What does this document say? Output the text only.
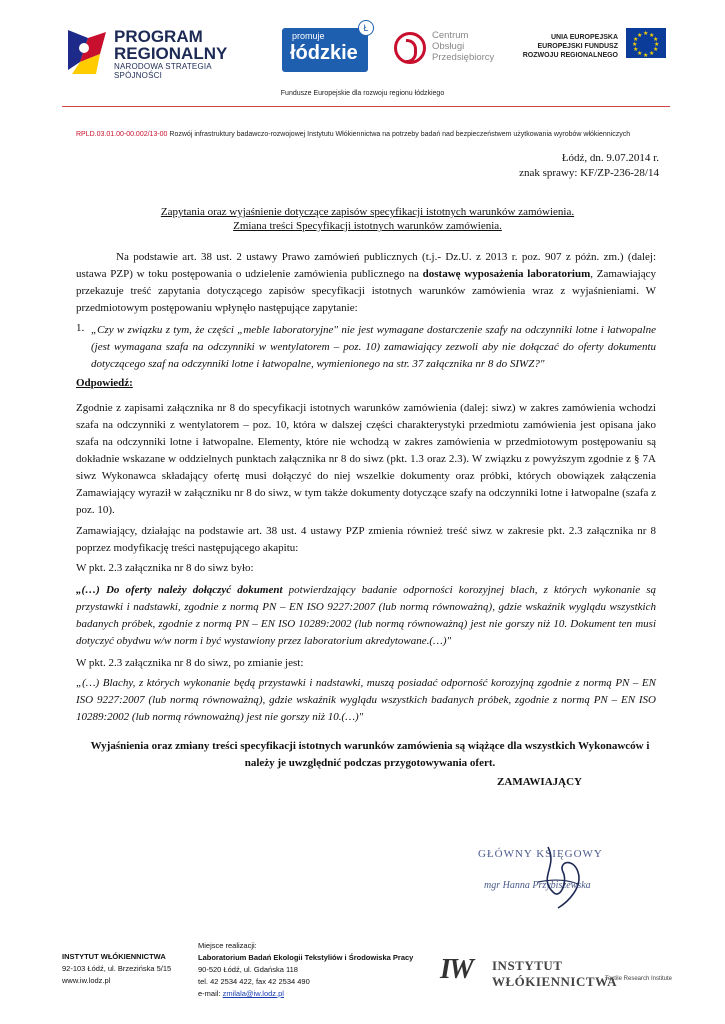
PROGRAM
REGIONALNY
NARODOWA STRATEGIA SPÓJNOŚCI
promuje
łódzkie
Ł
Centrum
Obsługi
Przedsiębiorcy
UNIA EUROPEJSKA
EUROPEJSKI FUNDUSZ
ROZWOJU REGIONALNEGO
★ ★
★
★
★
★
★
★
★
★
★
★
Fundusze Europejskie dla rozwoju regionu łódzkiego
RPLD.03.01.00-00.002/13-00 Rozwój infrastruktury badawczo-rozwojowej Instytutu Włókiennictwa na potrzeby badań nad bezpieczeństwem użytkowania wyrobów włókienniczych
Łódź, dn. 9.07.2014 r.
znak sprawy: KF/ZP-236-28/14
Zapytania oraz wyjaśnienie dotyczące zapisów specyfikacji istotnych warunków zamówienia.
Zmiana treści Specyfikacji istotnych warunków zamówienia.
Na podstawie art. 38 ust. 2 ustawy Prawo zamówień publicznych (t.j.- Dz.U. z 2013 r. poz. 907 z późn. zm.) (dalej: ustawa PZP) w toku postępowania o udzielenie zamówienia publicznego na dostawę wyposażenia laboratorium, Zamawiający przekazuje treść zapytania dotyczącego zapisów specyfikacji istotnych warunków zamówienia wraz z wyjaśnieniami. W przedmiotowym postępowaniu wpłynęło następujące zapytanie:
1. „Czy w związku z tym, że części „meble laboratoryjne" nie jest wymagane dostarczenie szafy na odczynniki lotne i łatwopalne (jest wymagana szafa na odczynniki w wentylatorem – poz. 10) zamawiający zezwoli aby nie dołączać do oferty dokumentu dotyczącego szaf na odczynniki lotne i łatwopalne, wymienionego na str. 37 załącznika nr 8 do SIWZ?"
Odpowiedź:
Zgodnie z zapisami załącznika nr 8 do specyfikacji istotnych warunków zamówienia (dalej: siwz) w zakres zamówienia wchodzi szafa na odczynniki z wentylatorem – poz. 10, która w dalszej części charakterystyki przedmiotu zamówienia jest opisana jako szafa na odczynniki lotne i łatwopalne. Elementy, które nie wchodzą w zakres zamówienia w przedmiotowym postępowaniu są dokładnie wskazane w oddzielnych punktach załącznika nr 8 do siwz (pkt. 1.3 oraz 2.3). W związku z powyższym zgodnie z § 7A siwz Wykonawca składający ofertę musi dołączyć do niej wszelkie dokumenty oraz próbki, których obowiązek załączenia Zamawiający wyraził w załączniku nr 8 do siwz, w tym także dokumenty dotyczące szafy na odczynniki lotne i łatwopalne (szafa z poz. 10).
Zamawiający, działając na podstawie art. 38 ust. 4 ustawy PZP zmienia również treść siwz w zakresie pkt. 2.3 załącznika nr 8 poprzez modyfikację treści następującego akapitu:
W pkt. 2.3 załącznika nr 8 do siwz było:
„(…) Do oferty należy dołączyć dokument potwierdzający badanie odporności korozyjnej blach, z których wykonanie są przystawki i nadstawki, zgodnie z normą PN – EN ISO 9227:2007 (lub normą równoważną), gdzie wskaźnik wyglądu wszystkich badanych próbek, zgodnie z normą PN – EN ISO 10289:2002 (lub normą równoważną) jest nie gorszy niż 10. Dokument ten musi dotyczyć obydwu w/w norm i być wystawiony przez laboratorium akredytowane.(…)"
W pkt. 2.3 załącznika nr 8 do siwz, po zmianie jest:
„(…) Blachy, z których wykonanie będą przystawki i nadstawki, muszą posiadać odporność korozyjną zgodnie z normą PN – EN ISO 9227:2007 (lub normą równoważną), gdzie wskaźnik wyglądu wszystkich badanych próbek, zgodnie z normą PN – EN ISO 10289:2002 (lub normą równoważną) jest nie gorszy niż 10.(…)"
Wyjaśnienia oraz zmiany treści specyfikacji istotnych warunków zamówienia są wiążące dla wszystkich Wykonawców i należy je uwzględnić podczas przygotowywania ofert.
ZAMAWIAJĄCY
GŁÓWNY KSIĘGOWY
mgr Hanna Przybiszewska
INSTYTUT WŁÓKIENNICTWA
92-103 Łódź, ul. Brzezińska 5/15
www.iw.lodz.pl
Miejsce realizacji:
Laboratorium Badań Ekologii Tekstyliów i Środowiska Pracy
90-520 Łódź, ul. Gdańska 118
tel. 42 2534 422, fax 42 2534 490
e-mail: zmilala@iw.lodz.pl
IW INSTYTUT WŁÓKIENNICTWA
Textile Research Institute
